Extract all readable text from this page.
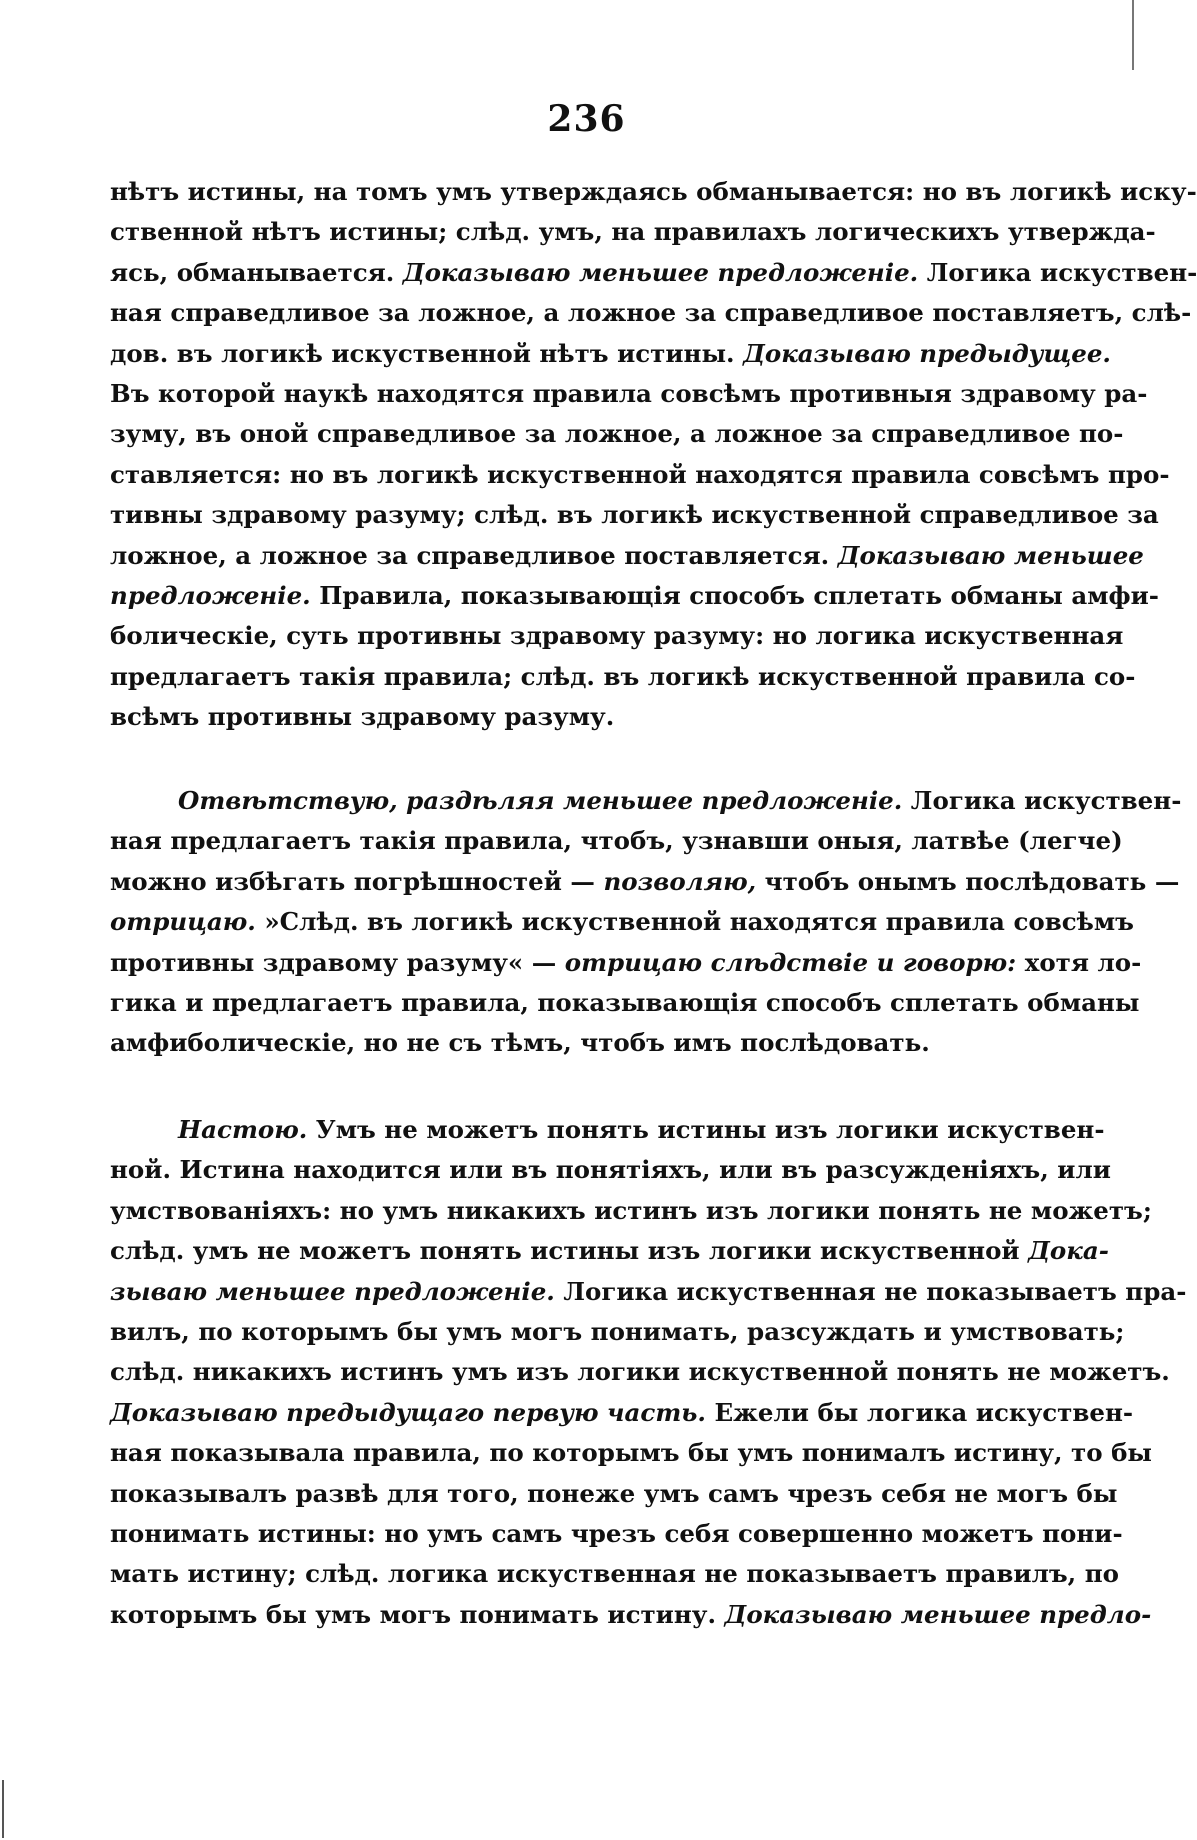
236
нѣтъ истины, на томъ умъ утверждаясь обманывается: но въ логикѣ иску-
ственной нѣтъ истины; слѣд. умъ, на правилахъ логическихъ утвержда-
ясь, обманывается. Доказываю меньшее предложеніе. Логика искуствен-
ная справедливое за ложное, а ложное за справедливое поставляетъ, слѣ-
дов. въ логикѣ искуственной нѣтъ истины. Доказываю предыдущее.
Въ которой наукѣ находятся правила совсѣмъ противныя здравому ра-
зуму, въ оной справедливое за ложное, а ложное за справедливое по-
ставляется: но въ логикѣ искуственной находятся правила совсѣмъ про-
тивны здравому разуму; слѣд. въ логикѣ искуственной справедливое за
ложное, а ложное за справедливое поставляется. Доказываю меньшее
предложеніе. Правила, показывающія способъ сплетать обманы амфи-
болическіе, суть противны здравому разуму: но логика искуственная
предлагаетъ такія правила; слѣд. въ логикѣ искуственной правила со-
всѣмъ противны здравому разуму.
Отвѣтствую, раздѣляя меньшее предложеніе. Логика искуствен-
ная предлагаетъ такія правила, чтобъ, узнавши оныя, латвѣе (легче)
можно избѣгать погрѣшностей — позволяю, чтобъ онымъ послѣдовать —
отрицаю. »Слѣд. въ логикѣ искуственной находятся правила совсѣмъ
противны здравому разуму« — отрицаю слѣдствіе и говорю: хотя ло-
гика и предлагаетъ правила, показывающія способъ сплетать обманы
амфиболическіе, но не съ тѣмъ, чтобъ имъ послѣдовать.
Настою. Умъ не можетъ понять истины изъ логики искуствен-
ной. Истина находится или въ понятіяхъ, или въ разсужденіяхъ, или
умствованіяхъ: но умъ никакихъ истинъ изъ логики понять не можетъ;
слѣд. умъ не можетъ понять истины изъ логики искуственной Дока-
зываю меньшее предложеніе. Логика искуственная не показываетъ пра-
вилъ, по которымъ бы умъ могъ понимать, разсуждать и умствовать;
слѣд. никакихъ истинъ умъ изъ логики искуственной понять не можетъ.
Доказываю предыдущаго первую часть. Ежели бы логика искуствен-
ная показывала правила, по которымъ бы умъ понималъ истину, то бы
показывалъ развѣ для того, понеже умъ самъ чрезъ себя не могъ бы
понимать истины: но умъ самъ чрезъ себя совершенно можетъ пони-
мать истину; слѣд. логика искуственная не показываетъ правилъ, по
которымъ бы умъ могъ понимать истину. Доказываю меньшее предло-
